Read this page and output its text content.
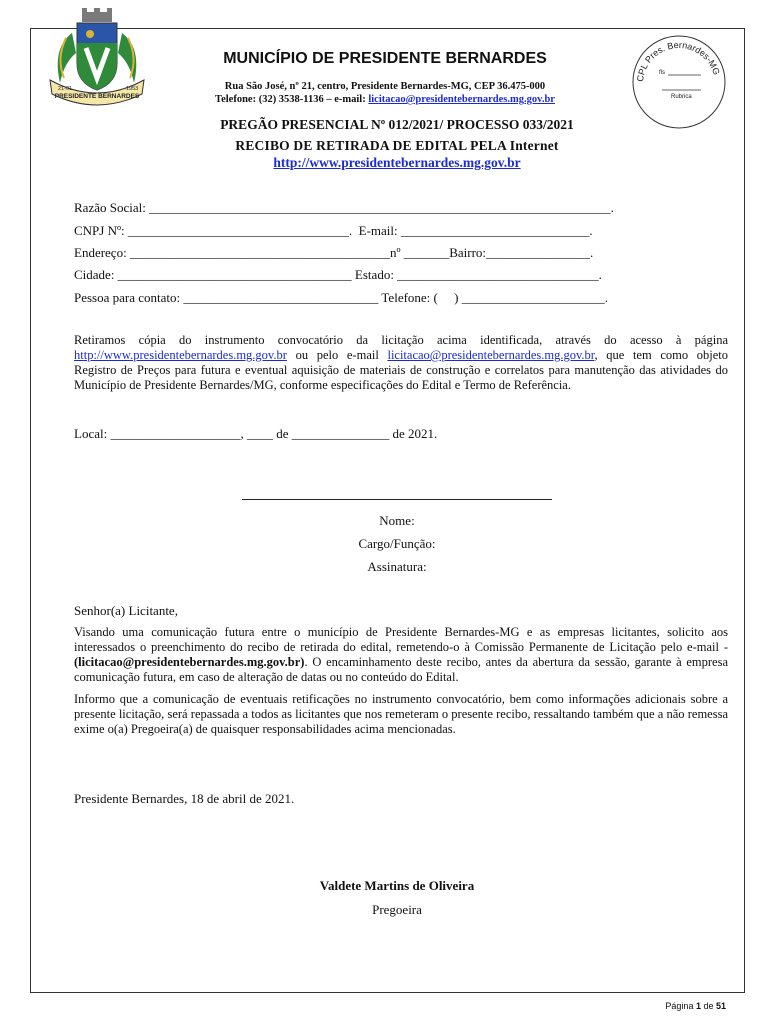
PRESIDENTE BERNARDES
21-01	1953
MUNICÍPIO DE PRESIDENTE BERNARDES
Rua São José, nº 21, centro, Presidente Bernardes-MG, CEP 36.475-000
Telefone: (32) 3538-1136 – e-mail: licitacao@presidentebernardes.mg.gov.br
CPL Pres. Bernardes-MG
fls
Rubrica
PREGÃO PRESENCIAL Nº 012/2021/ PROCESSO 033/2021
RECIBO DE RETIRADA DE EDITAL PELA Internet
http://www.presidentebernardes.mg.gov.br
Razão Social: _______________________________________________________________________.
CNPJ Nº: __________________________________.  E-mail: _____________________________.
Endereço: ________________________________________nº _______Bairro:________________.
Cidade: ____________________________________ Estado: _______________________________.
Pessoa para contato: ______________________________ Telefone: (     ) ______________________.
Retiramos cópia do instrumento convocatório da licitação acima identificada, através do acesso à página http://www.presidentebernardes.mg.gov.br ou pelo e-mail licitacao@presidentebernardes.mg.gov.br, que tem como objeto Registro de Preços para futura e eventual aquisição de materiais de construção e correlatos para manutenção das atividades do Município de Presidente Bernardes/MG, conforme especificações do Edital e Termo de Referência.
Local: ____________________, ____ de _______________ de 2021.
Nome:
Cargo/Função:
Assinatura:
Senhor(a) Licitante,
Visando uma comunicação futura entre o município de Presidente Bernardes-MG e as empresas licitantes, solicito aos interessados o preenchimento do recibo de retirada do edital, remetendo-o à Comissão Permanente de Licitação pelo e-mail - (licitacao@presidentebernardes.mg.gov.br). O encaminhamento deste recibo, antes da abertura da sessão, garante à empresa comunicação futura, em caso de alteração de datas ou no conteúdo do Edital.
Informo que a comunicação de eventuais retificações no instrumento convocatório, bem como informações adicionais sobre a presente licitação, será repassada a todos as licitantes que nos remeteram o presente recibo, ressaltando também que a não remessa exime o(a) Pregoeira(a) de quaisquer responsabilidades acima mencionadas.
Presidente Bernardes, 18 de abril de 2021.
Valdete Martins de Oliveira
Pregoeira
Página 1 de 51
